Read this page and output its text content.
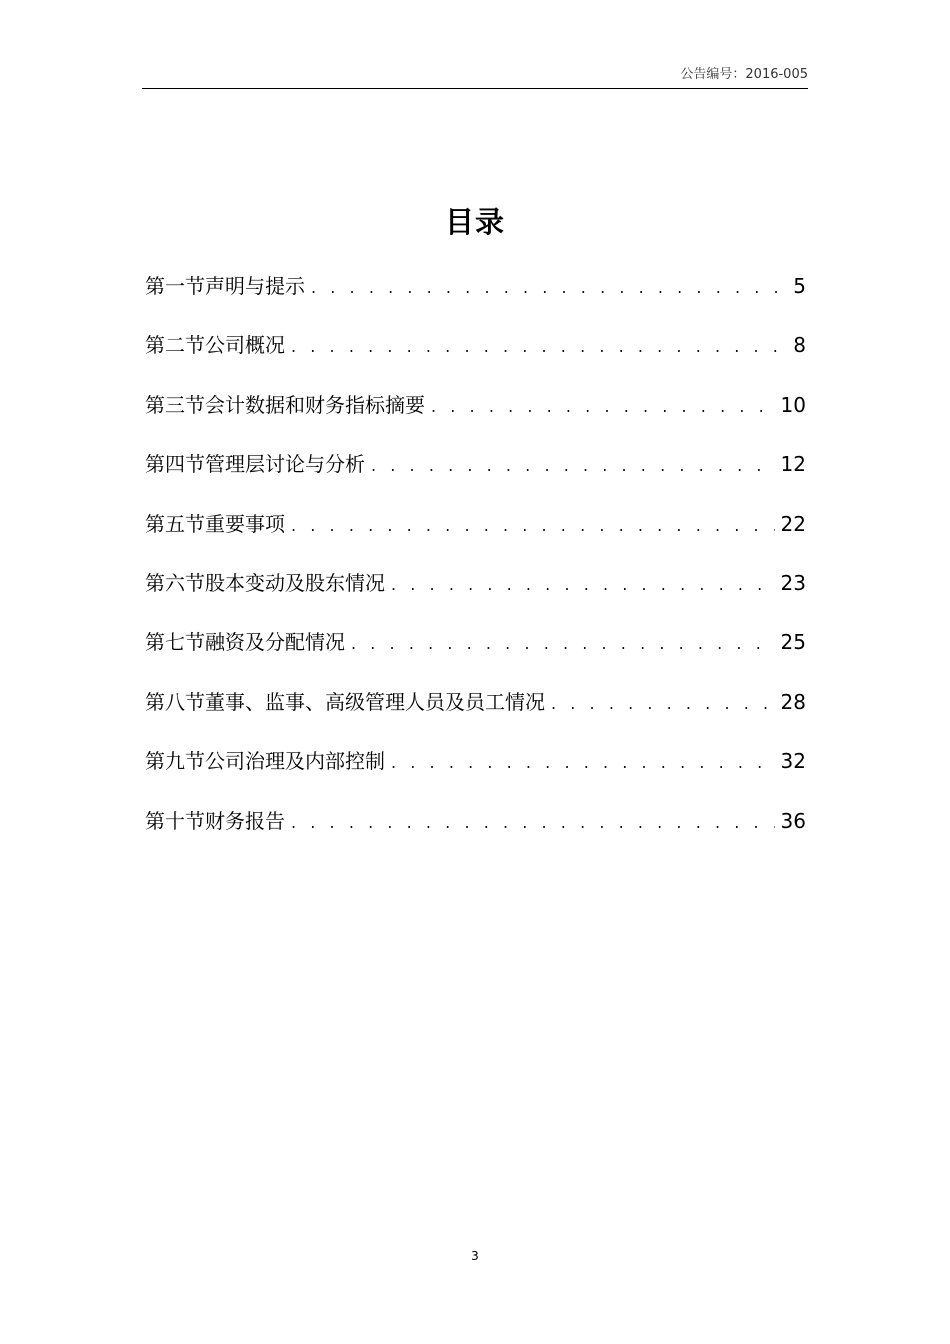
公告编号：2016-005
目录
第一节声明与提示 . . .	5
第二节公司概况 . . .	8
第三节会计数据和财务指标摘要 . . .	10
第四节管理层讨论与分析 . . .	12
第五节重要事项 . . .	22
第六节股本变动及股东情况 . . .	23
第七节融资及分配情况 . . .	25
第八节董事、监事、高级管理人员及员工情况 . . .	28
第九节公司治理及内部控制 . . .	32
第十节财务报告 . . .	36
3
